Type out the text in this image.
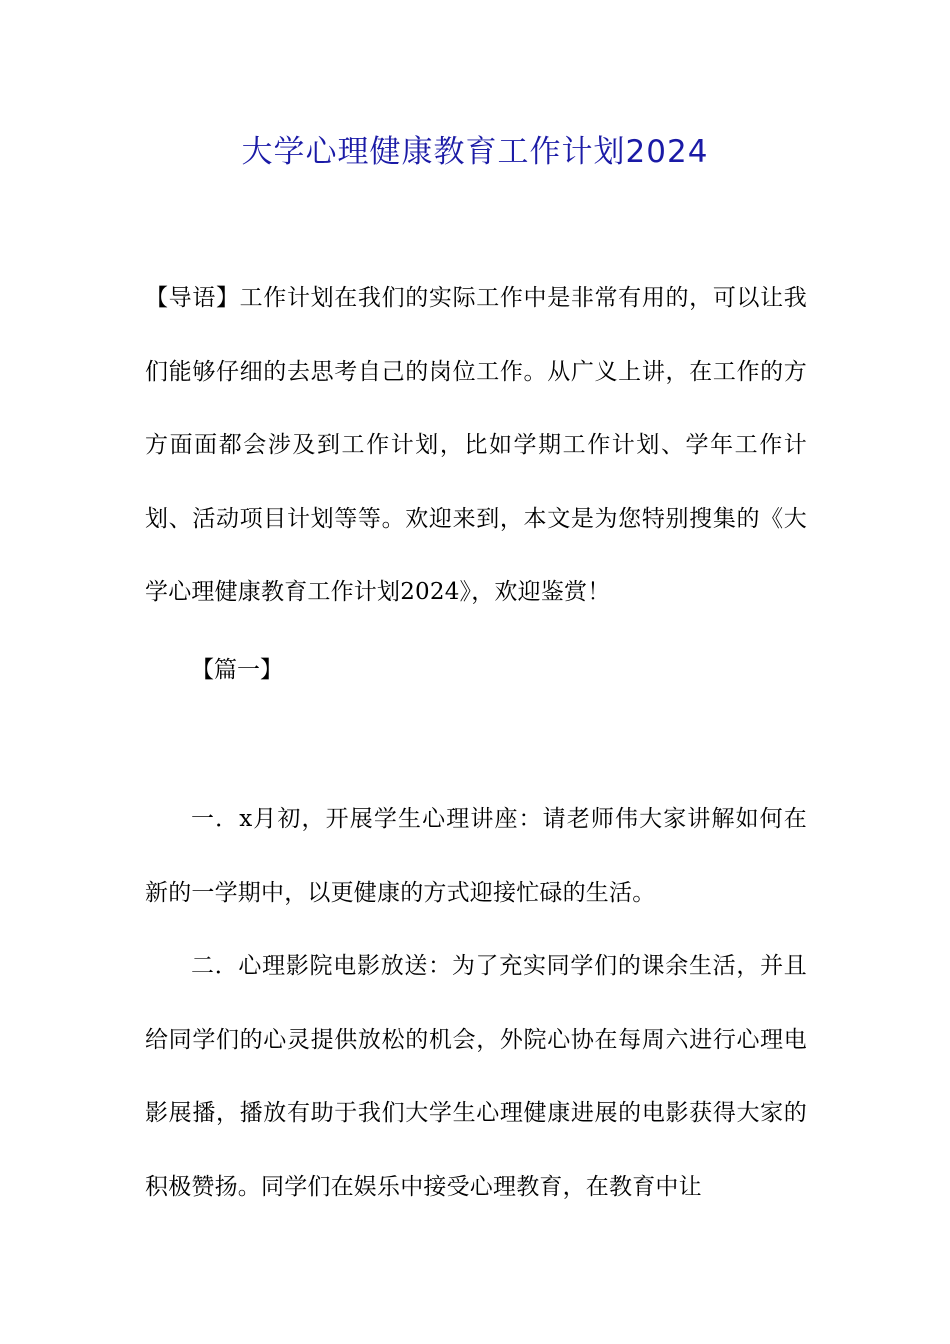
大学心理健康教育工作计划2024

【导语】工作计划在我们的实际工作中是非常有用的，可以让我们能够仔细的去思考自己的岗位工作。从广义上讲，在工作的方方面面都会涉及到工作计划，比如学期工作计划、学年工作计划、活动项目计划等等。欢迎来到，本文是为您特别搜集的《大学心理健康教育工作计划2024》，欢迎鉴赏！

【篇一】

一．x月初，开展学生心理讲座：请老师伟大家讲解如何在新的一学期中，以更健康的方式迎接忙碌的生活。

二．心理影院电影放送：为了充实同学们的课余生活，并且给同学们的心灵提供放松的机会，外院心协在每周六进行心理电影展播，播放有助于我们大学生心理健康进展的电影获得大家的积极赞扬。同学们在娱乐中接受心理教育，在教育中让
